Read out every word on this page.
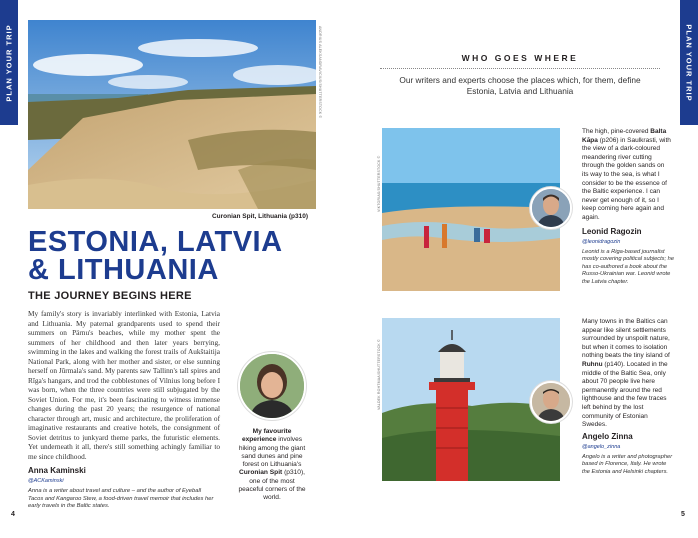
PLAN YOUR TRIP	PLAN YOUR TRIP
ANDRIUS ALEKSANDRAVICIUS/SHUTTERSTOCK ©
Curonian Spit, Lithuania (p310)
ESTONIA, LATVIA
& LITHUANIA
THE JOURNEY BEGINS HERE
My family's story is invariably interlinked with Estonia, Latvia and Lithuania. My paternal grandparents used to spend their summers on Pärnu's beaches, while my mother spent the summers of her childhood and then later years berrying, swimming in the lakes and walking the forest trails of Aukštaitija National Park, along with her mother and sister, or else sunning herself on Jūrmala's sand. My parents saw Tallinn's tall spires and Rīga's hangars, and trod the cobblestones of Vilnius long before I was born, when the three countries were still subjugated by the Soviet Union. For me, it's been fascinating to witness immense changes during the past 20 years; the resurgence of national character through art, music and architecture, the proliferation of imaginative restaurants and creative hotels, the consignment of Soviet detritus to junkyard theme parks, the futuristic elements. Yet underneath it all, there's still something achingly familiar to me since childhood.
Anna Kaminski
@ACKaminski
Anna is a writer about travel and culture – and the author of Eyeball Tacos and Kangaroo Stew, a food-driven travel memoir that includes her early travels in the Baltic states.
My favourite experience involves hiking among the giant sand dunes and pine forest on Lithuania's Curonian Spit (p310), one of the most peaceful corners of the world.
4
WHO GOES WHERE
Our writers and experts choose the places which, for them, define Estonia, Latvia and Lithuania
VIKTORIAS/SHUTTERSTOCK ©
The high, pine-covered Balta Kāpa (p206) in Saulkrasti, with the view of a dark-coloured meandering river cutting through the golden sands on its way to the sea, is what I consider to be the essence of the Baltic experience. I can never get enough of it, so I keep coming here again and again.
Leonid Ragozin
@leonidragozin
Leonid is a Riga-based journalist mostly covering political subjects; he has co-authored a book about the Russo-Ukrainian war. Leonid wrote the Latvia chapter.
VALDEK ROHTMAA/SHUTTERSTOCK ©
Many towns in the Baltics can appear like silent settlements surrounded by unspoilt nature, but when it comes to isolation nothing beats the tiny island of Ruhnu (p140). Located in the middle of the Baltic Sea, only about 70 people live here permanently around the red lighthouse and the few traces left behind by the lost community of Estonian Swedes.
Angelo Zinna
@angelo_zinna
Angelo is a writer and photographer based in Florence, Italy. He wrote the Estonia and Helsinki chapters.
5
